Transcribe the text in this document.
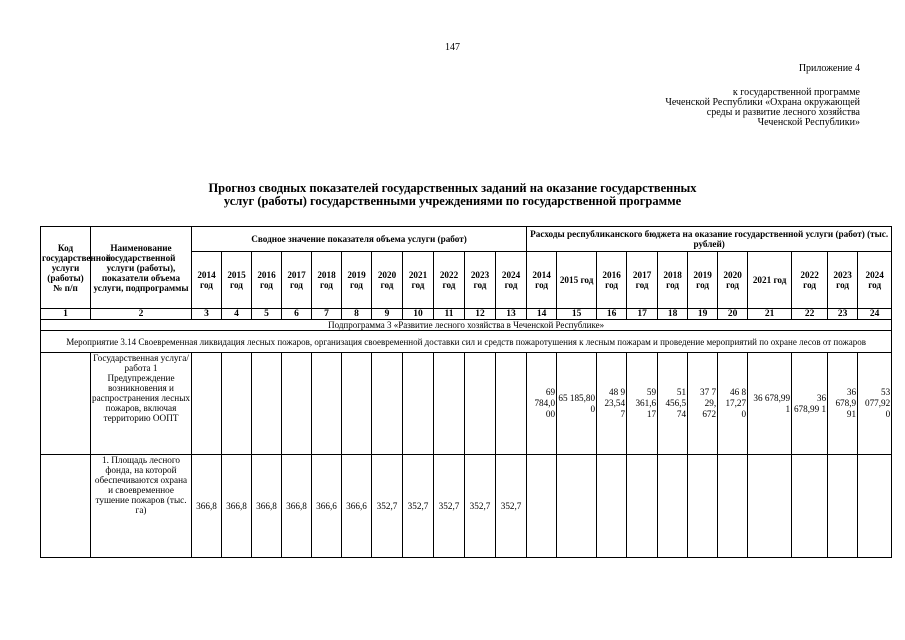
147
Приложение 4
к государственной программе
Чеченской Республики «Охрана окружающей
среды и развитие лесного хозяйства
Чеченской Республики»
Прогноз сводных показателей государственных заданий на оказание государственных
услуг (работы) государственными учреждениями по государственной программе
Код государственной услуги (работы) № п/п	Наименование государственной услуги (работы), показатели объема услуги, подпрограммы	Сводное значение показателя объема услуги (работ)											Расходы республиканского бюджета на оказание государственной услуги (работ) (тыс. рублей)										
		2014 год	2015 год	2016 год	2017 год	2018 год	2019 год	2020 год	2021 год	2022 год	2023 год	2024 год	2014 год	2015 год	2016 год	2017 год	2018 год	2019 год	2020 год	2021 год	2022 год	2023 год	2024 год
1	2	3	4	5	6	7	8	9	10	11	12	13	14	15	16	17	18	19	20	21	22	23	24
Подпрограмма 3 «Развитие лесного хозяйства в Чеченской Республике»																							
Мероприятие 3.14 Своевременная ликвидация лесных пожаров, организация своевременной доставки сил и средств пожаротушения к лесным пожарам и проведение мероприятий по охране лесов от пожаров																							
	Государственная услуга/работа 1 Предупреждение возникновения и распространения лесных пожаров, включая территорию ООПТ												69 784,0 00	65 185,80 0	48 9 23,54 7	59 361,6 17	51 456,5 74	37 7 29, 672	46 8 17,27 0	36 678,99 1	36 678,99 1	36 678,9 91	53 077,92 0
	1. Площадь лесного фонда, на которой обеспечиваются охрана и своевременное тушение пожаров (тыс. га)	366,8	366,8	366,8	366,8	366,6	366,6	352,7	352,7	352,7	352,7	352,7											
